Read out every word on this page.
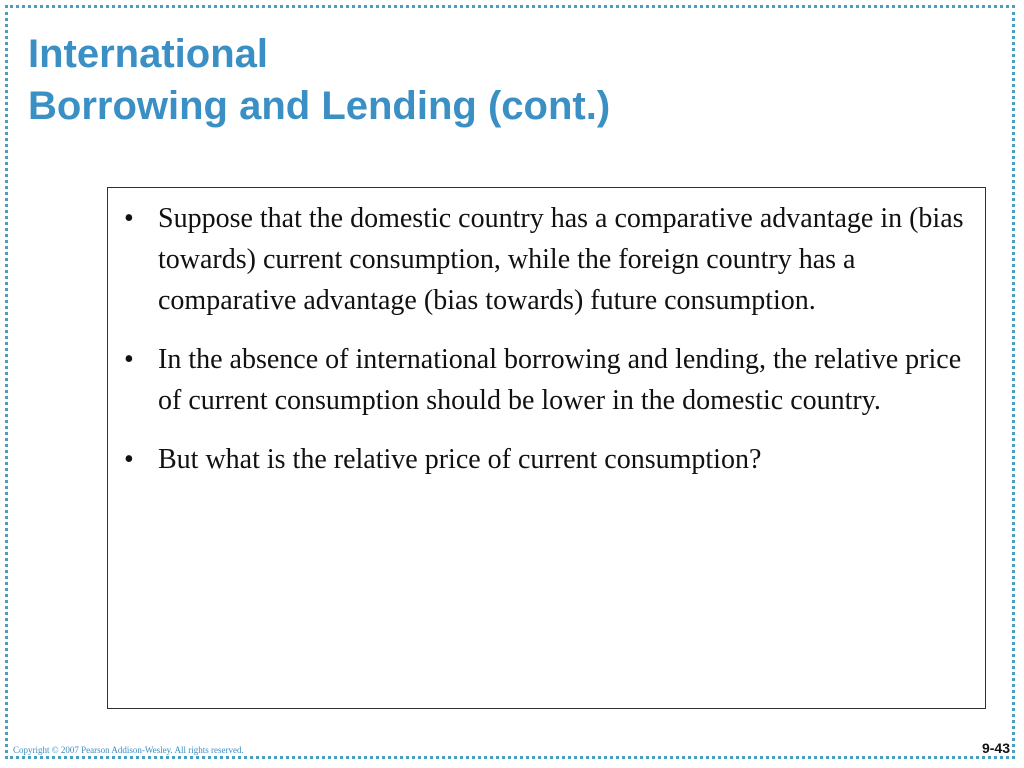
International
Borrowing and Lending (cont.)
• Suppose that the domestic country has a comparative advantage in (bias towards) current consumption, while the foreign country has a comparative advantage (bias towards) future consumption.
• In the absence of international borrowing and lending, the relative price of current consumption should be lower in the domestic country.
• But what is the relative price of current consumption?
Copyright © 2007 Pearson Addison-Wesley. All rights reserved.	9-43
